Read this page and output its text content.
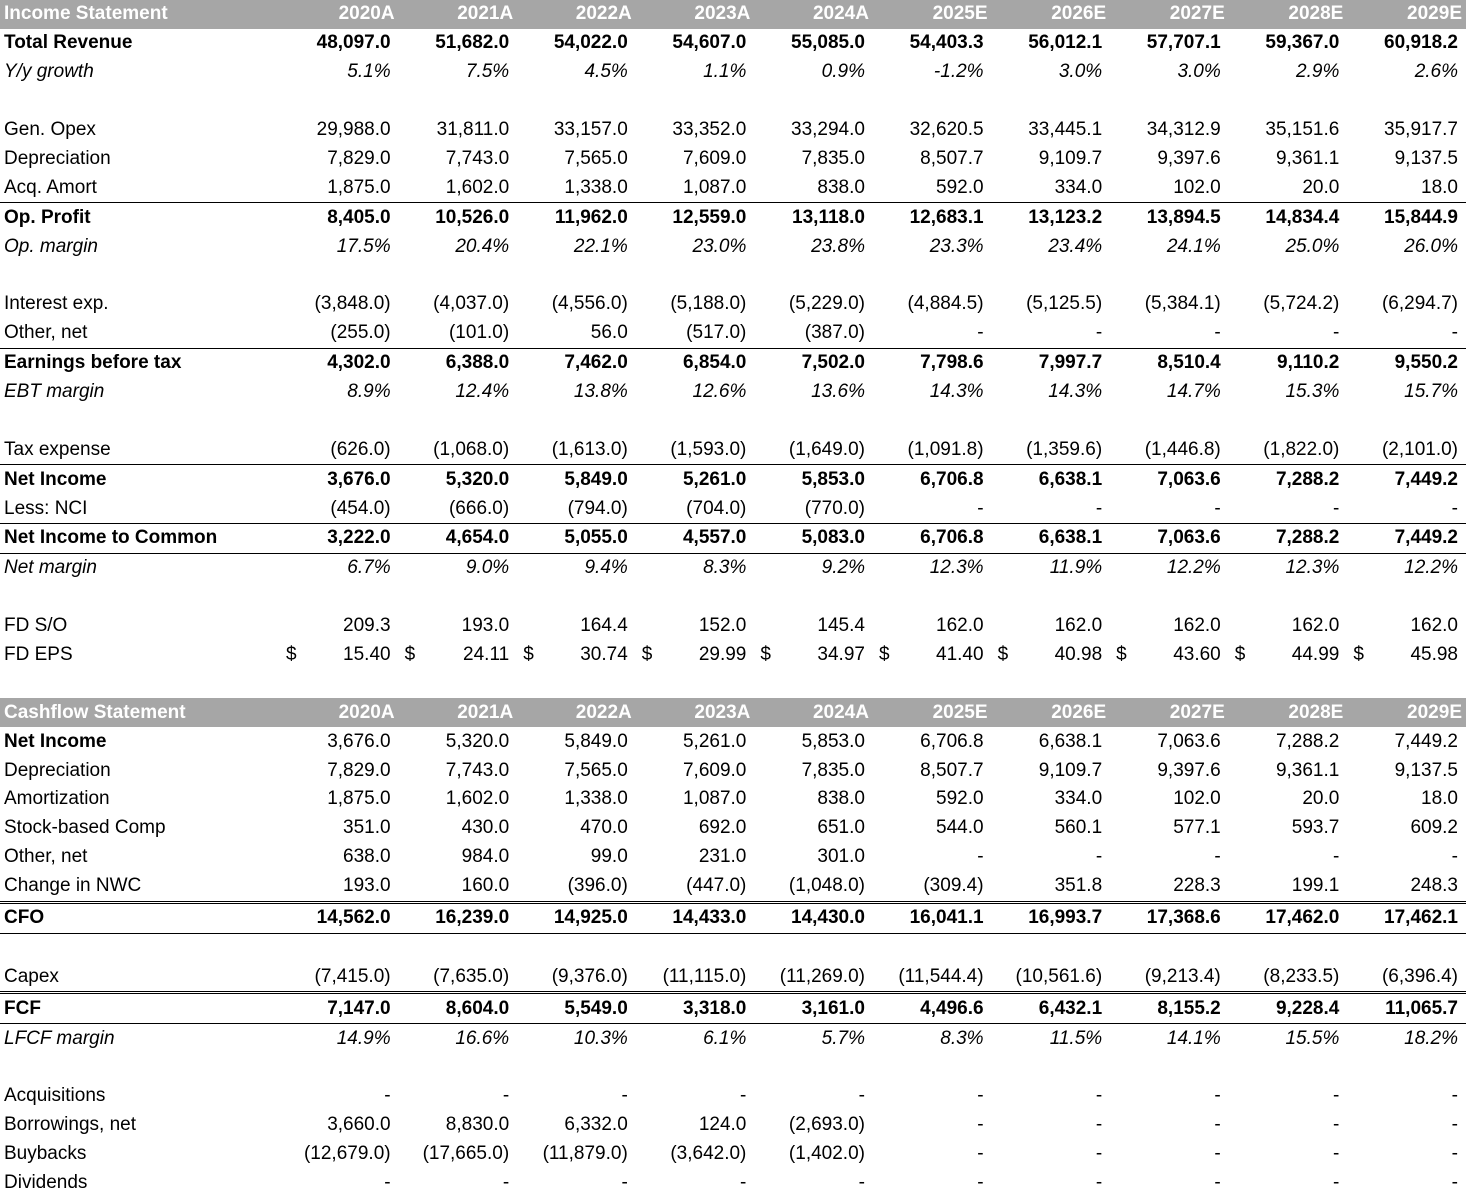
Income Statement	2020A	2021A	2022A	2023A	2024A	2025E	2026E	2027E	2028E	2029E
Total Revenue	48,097.0	51,682.0	54,022.0	54,607.0	55,085.0	54,403.3	56,012.1	57,707.1	59,367.0	60,918.2
Y/y growth	5.1%	7.5%	4.5%	1.1%	0.9%	-1.2%	3.0%	3.0%	2.9%	2.6%

Gen. Opex	29,988.0	31,811.0	33,157.0	33,352.0	33,294.0	32,620.5	33,445.1	34,312.9	35,151.6	35,917.7
Depreciation	7,829.0	7,743.0	7,565.0	7,609.0	7,835.0	8,507.7	9,109.7	9,397.6	9,361.1	9,137.5
Acq. Amort	1,875.0	1,602.0	1,338.0	1,087.0	838.0	592.0	334.0	102.0	20.0	18.0
Op. Profit	8,405.0	10,526.0	11,962.0	12,559.0	13,118.0	12,683.1	13,123.2	13,894.5	14,834.4	15,844.9
Op. margin	17.5%	20.4%	22.1%	23.0%	23.8%	23.3%	23.4%	24.1%	25.0%	26.0%

Interest exp.	(3,848.0)	(4,037.0)	(4,556.0)	(5,188.0)	(5,229.0)	(4,884.5)	(5,125.5)	(5,384.1)	(5,724.2)	(6,294.7)
Other, net	(255.0)	(101.0)	56.0	(517.0)	(387.0)	-	-	-	-	-
Earnings before tax	4,302.0	6,388.0	7,462.0	6,854.0	7,502.0	7,798.6	7,997.7	8,510.4	9,110.2	9,550.2
EBT margin	8.9%	12.4%	13.8%	12.6%	13.6%	14.3%	14.3%	14.7%	15.3%	15.7%

Tax expense	(626.0)	(1,068.0)	(1,613.0)	(1,593.0)	(1,649.0)	(1,091.8)	(1,359.6)	(1,446.8)	(1,822.0)	(2,101.0)
Net Income	3,676.0	5,320.0	5,849.0	5,261.0	5,853.0	6,706.8	6,638.1	7,063.6	7,288.2	7,449.2
Less: NCI	(454.0)	(666.0)	(794.0)	(704.0)	(770.0)	-	-	-	-	-
Net Income to Common	3,222.0	4,654.0	5,055.0	4,557.0	5,083.0	6,706.8	6,638.1	7,063.6	7,288.2	7,449.2
Net margin	6.7%	9.0%	9.4%	8.3%	9.2%	12.3%	11.9%	12.2%	12.3%	12.2%

FD S/O	209.3	193.0	164.4	152.0	145.4	162.0	162.0	162.0	162.0	162.0
FD EPS	$ 15.40	$ 24.11	$ 30.74	$ 29.99	$ 34.97	$ 41.40	$ 40.98	$ 43.60	$ 44.99	$ 45.98

Cashflow Statement	2020A	2021A	2022A	2023A	2024A	2025E	2026E	2027E	2028E	2029E
Net Income	3,676.0	5,320.0	5,849.0	5,261.0	5,853.0	6,706.8	6,638.1	7,063.6	7,288.2	7,449.2
Depreciation	7,829.0	7,743.0	7,565.0	7,609.0	7,835.0	8,507.7	9,109.7	9,397.6	9,361.1	9,137.5
Amortization	1,875.0	1,602.0	1,338.0	1,087.0	838.0	592.0	334.0	102.0	20.0	18.0
Stock-based Comp	351.0	430.0	470.0	692.0	651.0	544.0	560.1	577.1	593.7	609.2
Other, net	638.0	984.0	99.0	231.0	301.0	-	-	-	-	-
Change in NWC	193.0	160.0	(396.0)	(447.0)	(1,048.0)	(309.4)	351.8	228.3	199.1	248.3
CFO	14,562.0	16,239.0	14,925.0	14,433.0	14,430.0	16,041.1	16,993.7	17,368.6	17,462.0	17,462.1

Capex	(7,415.0)	(7,635.0)	(9,376.0)	(11,115.0)	(11,269.0)	(11,544.4)	(10,561.6)	(9,213.4)	(8,233.5)	(6,396.4)
FCF	7,147.0	8,604.0	5,549.0	3,318.0	3,161.0	4,496.6	6,432.1	8,155.2	9,228.4	11,065.7
LFCF margin	14.9%	16.6%	10.3%	6.1%	5.7%	8.3%	11.5%	14.1%	15.5%	18.2%

Acquisitions	-	-	-	-	-	-	-	-	-	-
Borrowings, net	3,660.0	8,830.0	6,332.0	124.0	(2,693.0)	-	-	-	-	-
Buybacks	(12,679.0)	(17,665.0)	(11,879.0)	(3,642.0)	(1,402.0)	-	-	-	-	-
Dividends	-	-	-	-	-	-	-	-	-	-
